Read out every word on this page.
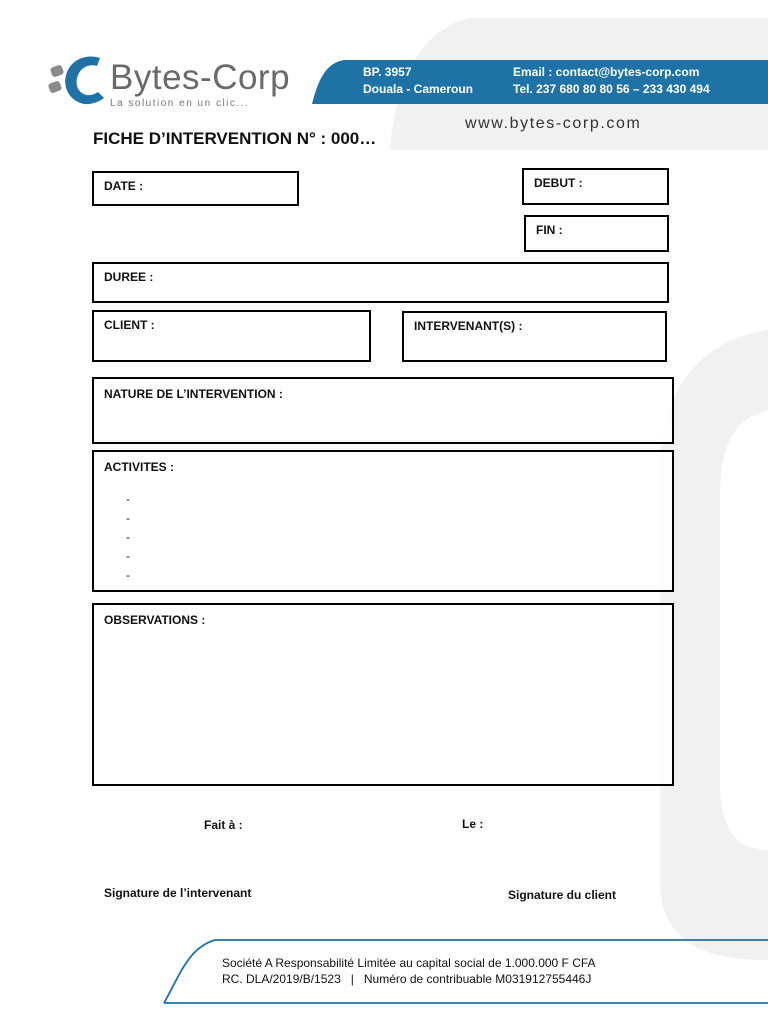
Bytes-Corp
La solution en un clic...
BP. 3957
Douala - Cameroun
Email : contact@bytes-corp.com
Tel. 237 680 80 80 56 – 233 430 494
www.bytes-corp.com
FICHE D’INTERVENTION N° : 000…
DATE :	DEBUT :
FIN :
DUREE :
CLIENT :	INTERVENANT(S) :
NATURE DE L’INTERVENTION :
ACTIVITES :
-
-
-
-
-
OBSERVATIONS :
Fait à :	Le :
Signature de l’intervenant	Signature du client
Société A Responsabilité Limitée au capital social de 1.000.000 F CFA
RC. DLA/2019/B/1523   |   Numéro de contribuable M031912755446J
